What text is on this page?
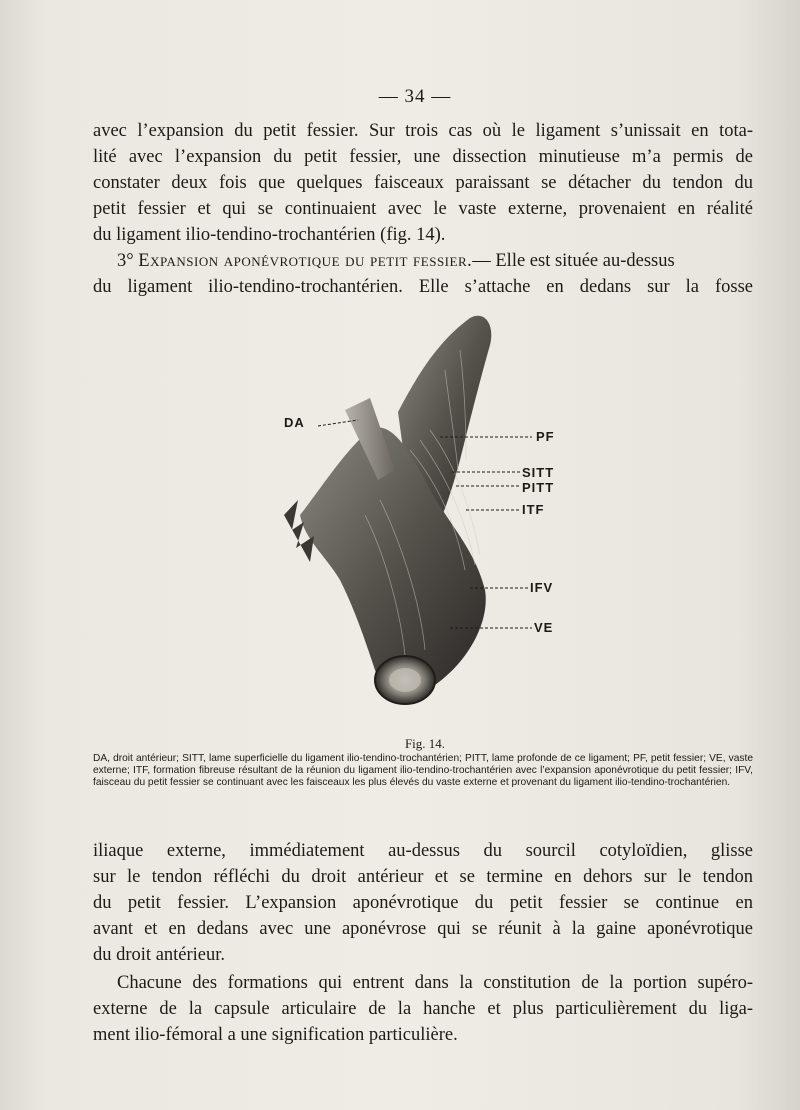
— 34 —
avec l’expansion du petit fessier. Sur trois cas où le ligament s’unissait en tota-
lité avec l’expansion du petit fessier, une dissection minutieuse m’a permis de
constater deux fois que quelques faisceaux paraissant se détacher du tendon du
petit fessier et qui se continuaient avec le vaste externe, provenaient en réalité
du ligament ilio-tendino-trochantérien (fig. 14).
3°
Expansion aponévrotique du petit fessier. — Elle est située au-dessus
du ligament ilio-tendino-trochantérien. Elle s’attache en dedans sur la fosse
DA
PF
SITT
PITT
ITF
IFV
VE
Fig. 14.
DA, droit antérieur; SITT, lame superficielle du ligament ilio-tendino-trochantérien; PITT, lame profonde de ce ligament; PF, petit fessier; VE, vaste externe; ITF, formation fibreuse résultant de la réunion du ligament ilio-tendino-trochantérien avec l’expansion aponévrotique du petit fessier; IFV, faisceau du petit fessier se continuant avec les faisceaux les plus élevés du vaste externe et provenant du ligament ilio-tendino-trochantérien.
iliaque externe, immédiatement au-dessus du sourcil cotyloïdien, glisse
sur le tendon réfléchi du droit antérieur et se termine en dehors sur le tendon
du petit fessier. L’expansion aponévrotique du petit fessier se continue en
avant et en dedans avec une aponévrose qui se réunit à la gaine aponévrotique
du droit antérieur.
Chacune des formations qui entrent dans la constitution de la portion supéro-
externe de la capsule articulaire de la hanche et plus particulièrement du liga-
ment ilio-fémoral a une signification particulière.
